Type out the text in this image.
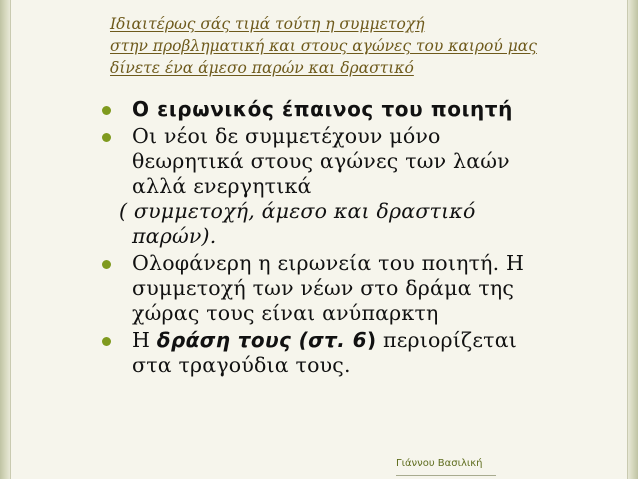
Ιδιαιτέρως σάς τιμά τούτη η συμμετοχή
στην προβληματική και στους αγώνες του καιρού μας
δίνετε ένα άμεσο παρών και δραστικό
Ο ειρωνικός έπαινος του ποιητή
Οι νέοι δε συμμετέχουν μόνο
θεωρητικά στους αγώνες των λαών
αλλά ενεργητικά
( συμμετοχή, άμεσο και δραστικό
παρών).
Ολοφάνερη η ειρωνεία του ποιητή. Η
συμμετοχή των νέων στο δράμα της
χώρας τους είναι ανύπαρκτη
Η δράση τους (στ. 6) περιορίζεται
στα τραγούδια τους.
Γιάννου Βασιλική
